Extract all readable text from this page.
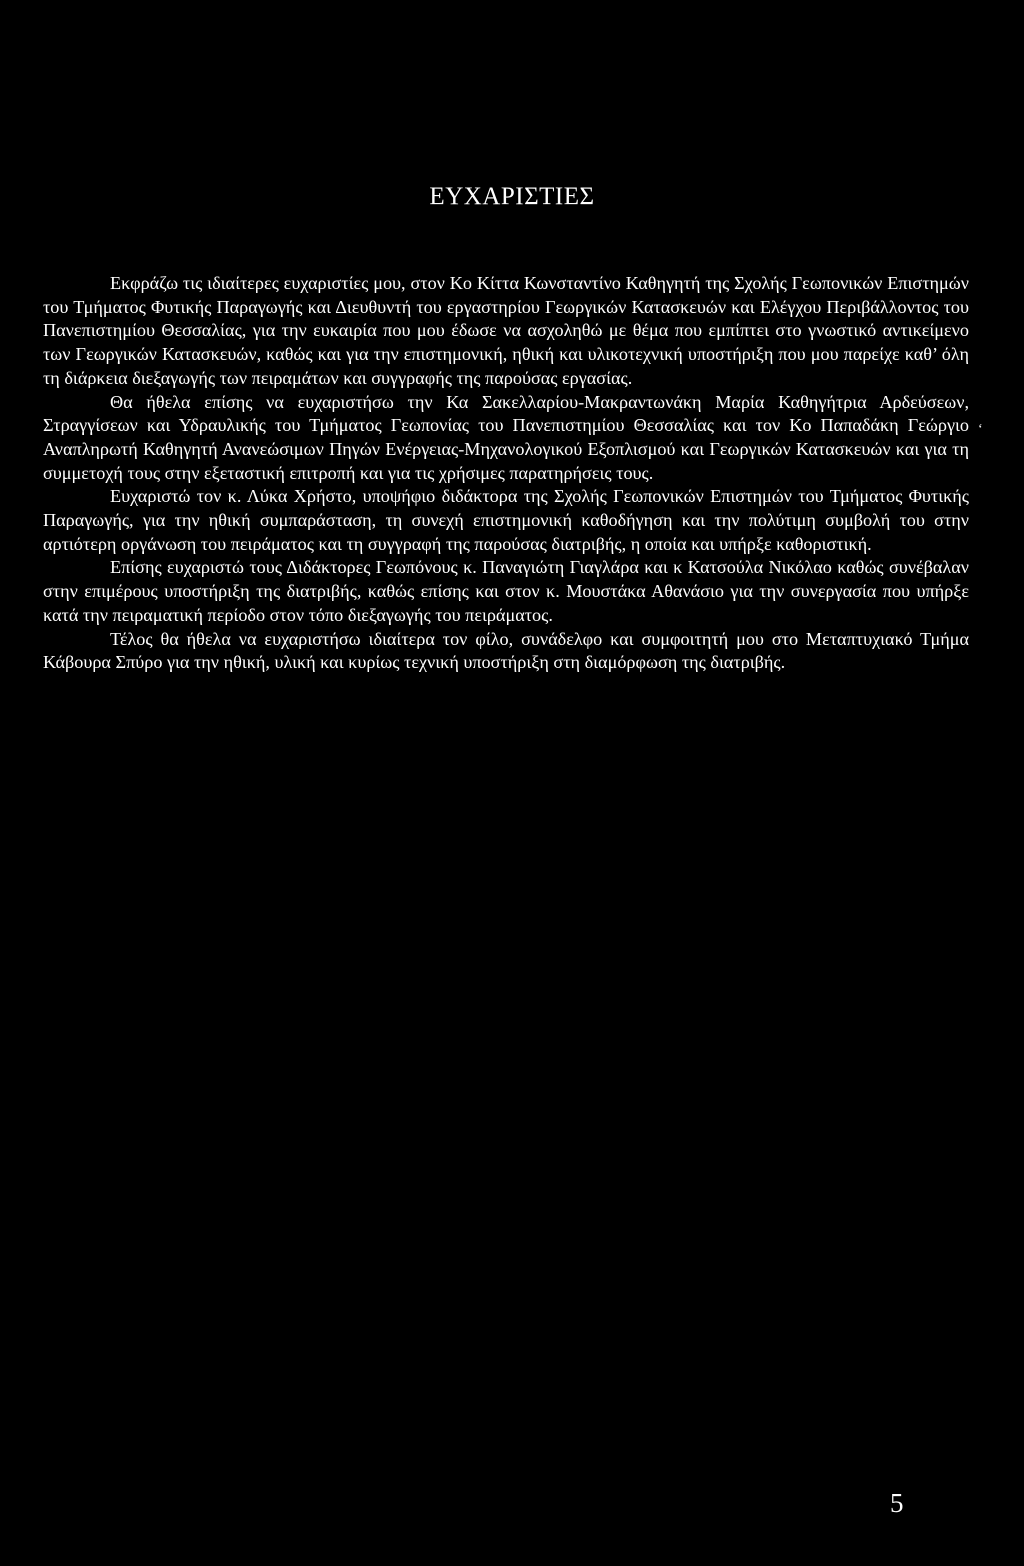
ΕΥΧΑΡΙΣΤΙΕΣ

Εκφράζω τις ιδιαίτερες ευχαριστίες μου, στον Κο Κίττα Κωνσταντίνο Καθηγητή της Σχολής Γεωπονικών Επιστημών του Τμήματος Φυτικής Παραγωγής και Διευθυντή του εργαστηρίου Γεωργικών Κατασκευών και Ελέγχου Περιβάλλοντος του Πανεπιστημίου Θεσσαλίας, για την ευκαιρία που μου έδωσε να ασχοληθώ με θέμα που εμπίπτει στο γνωστικό αντικείμενο των Γεωργικών Κατασκευών, καθώς και για την επιστημονική, ηθική και υλικοτεχνική υποστήριξη που μου παρείχε καθ’ όλη τη διάρκεια διεξαγωγής των πειραμάτων και συγγραφής της παρούσας εργασίας.

Θα ήθελα επίσης να ευχαριστήσω την Κα Σακελλαρίου-Μακραντωνάκη Μαρία Καθηγήτρια Αρδεύσεων, Στραγγίσεων και Υδραυλικής του Τμήματος Γεωπονίας του Πανεπιστημίου Θεσσαλίας και τον Κο Παπαδάκη Γεώργιο Αναπληρωτή Καθηγητή Ανανεώσιμων Πηγών Ενέργειας-Μηχανολογικού Εξοπλισμού και Γεωργικών Κατασκευών και για τη συμμετοχή τους στην εξεταστική επιτροπή και για τις χρήσιμες παρατηρήσεις τους.

Ευχαριστώ τον κ. Λύκα Χρήστο, υποψήφιο διδάκτορα της Σχολής Γεωπονικών Επιστημών του Τμήματος Φυτικής Παραγωγής, για την ηθική συμπαράσταση, τη συνεχή επιστημονική καθοδήγηση και την πολύτιμη συμβολή του στην αρτιότερη οργάνωση του πειράματος και τη συγγραφή της παρούσας διατριβής, η οποία και υπήρξε καθοριστική.

Επίσης ευχαριστώ τους Διδάκτορες Γεωπόνους κ. Παναγιώτη Γιαγλάρα και κ Κατσούλα Νικόλαο καθώς συνέβαλαν στην επιμέρους υποστήριξη της διατριβής, καθώς επίσης και στον κ. Μουστάκα Αθανάσιο για την συνεργασία που υπήρξε κατά την πειραματική περίοδο στον τόπο διεξαγωγής του πειράματος.

Τέλος θα ήθελα να ευχαριστήσω ιδιαίτερα τον φίλο, συνάδελφο και συμφοιτητή μου στο Μεταπτυχιακό Τμήμα Κάβουρα Σπύρο για την ηθική, υλική και κυρίως τεχνική υποστήριξη στη διαμόρφωση της διατριβής.

ʻ
5
